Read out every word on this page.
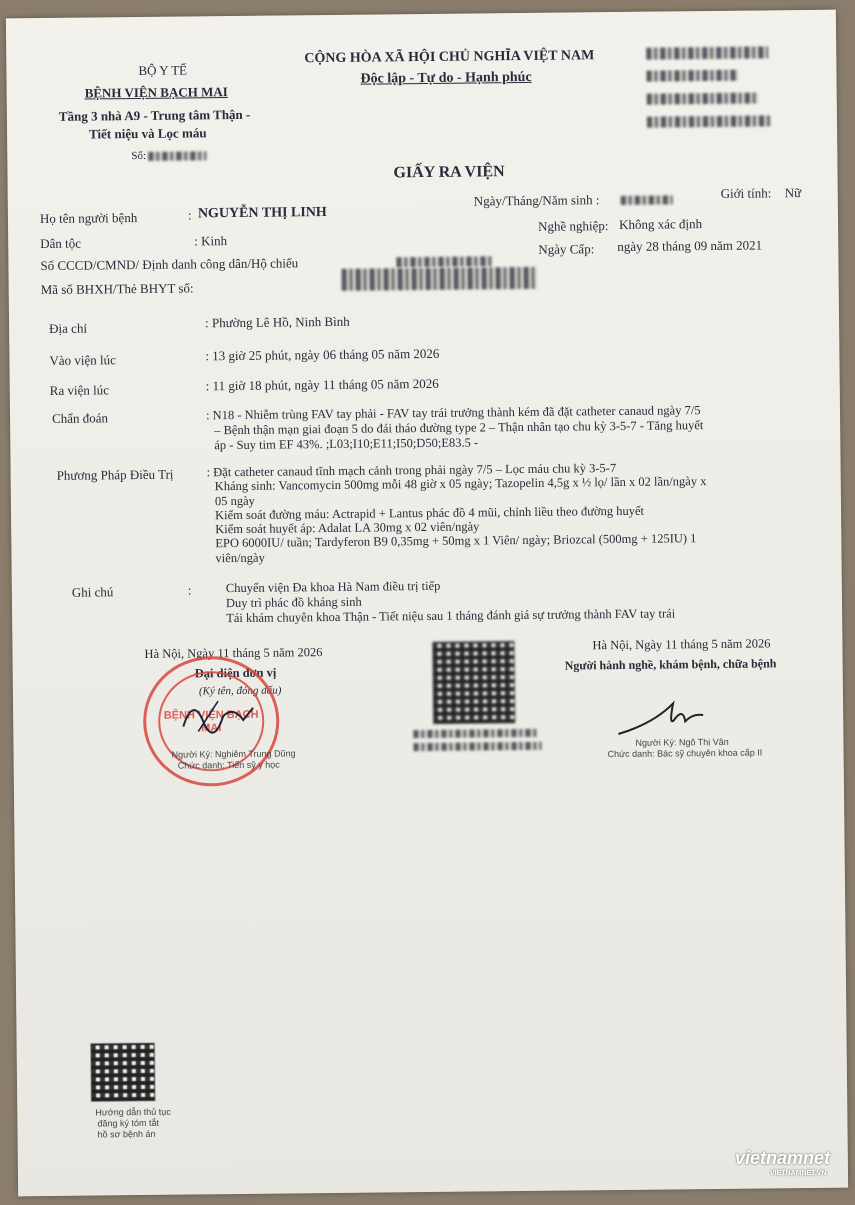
BỘ Y TẾ
BỆNH VIỆN BẠCH MAI
Tầng 3 nhà A9 - Trung tâm Thận -
Tiết niệu và Lọc máu
Số:
CỘNG HÒA XÃ HỘI CHỦ NGHĨA VIỆT NAM
Độc lập - Tự do - Hạnh phúc
GIẤY RA VIỆN
Họ tên người bệnh	: NGUYỄN THỊ LINH
Ngày/Tháng/Năm sinh :	Giới tính: Nữ
Dân tộc	: Kinh
Nghề nghiệp: Không xác định
Số CCCD/CMND/ Định danh công dân/Hộ chiếu
Ngày Cấp: ngày 28 tháng 09 năm 2021
Mã số BHXH/Thẻ BHYT số:
Địa chỉ	: Phường Lê Hồ, Ninh Bình
Vào viện lúc	: 13 giờ 25 phút, ngày 06 tháng 05 năm 2026
Ra viện lúc	: 11 giờ 18 phút, ngày 11 tháng 05 năm 2026
Chẩn đoán	: N18 - Nhiễm trùng FAV tay phải - FAV tay trái trưởng thành kém đã đặt catheter canaud ngày 7/5
– Bệnh thận mạn giai đoạn 5 do đái tháo đường type 2 – Thận nhân tạo chu kỳ 3-5-7 - Tăng huyết
áp - Suy tim EF 43%. ;L03;I10;E11;I50;D50;E83.5 -
Phương Pháp Điều Trị	: Đặt catheter canaud tĩnh mạch cảnh trong phải ngày 7/5 – Lọc máu chu kỳ 3-5-7
Kháng sinh: Vancomycin 500mg mỗi 48 giờ x 05 ngày; Tazopelin 4,5g x ½ lọ/ lần x 02 lần/ngày x
05 ngày
Kiểm soát đường máu: Actrapid + Lantus phác đồ 4 mũi, chỉnh liều theo đường huyết
Kiểm soát huyết áp: Adalat LA 30mg x 02 viên/ngày
EPO 6000IU/ tuần; Tardyferon B9 0,35mg + 50mg x 1 Viên/ ngày; Briozcal (500mg + 125IU) 1
viên/ngày
Ghi chú	:	Chuyển viện Đa khoa Hà Nam điều trị tiếp
Duy trì phác đồ kháng sinh
Tái khám chuyên khoa Thận - Tiết niệu sau 1 tháng đánh giá sự trưởng thành FAV tay trái
Hà Nội, Ngày 11 tháng 5 năm 2026
Đại diện đơn vị
(Ký tên, đóng dấu)
BỆNH VIỆN BẠCH MAI
Người Ký: Nghiêm Trung Dũng
Chức danh: Tiến sỹ y học
Hà Nội, Ngày 11 tháng 5 năm 2026
Người hành nghề, khám bệnh, chữa bệnh
Người Ký: Ngô Thị Vân
Chức danh: Bác sỹ chuyên khoa cấp II
Hướng dẫn thủ tục
đăng ký tóm tắt
hồ sơ bệnh án
vietnamnet
VIETNAMNET.VN
